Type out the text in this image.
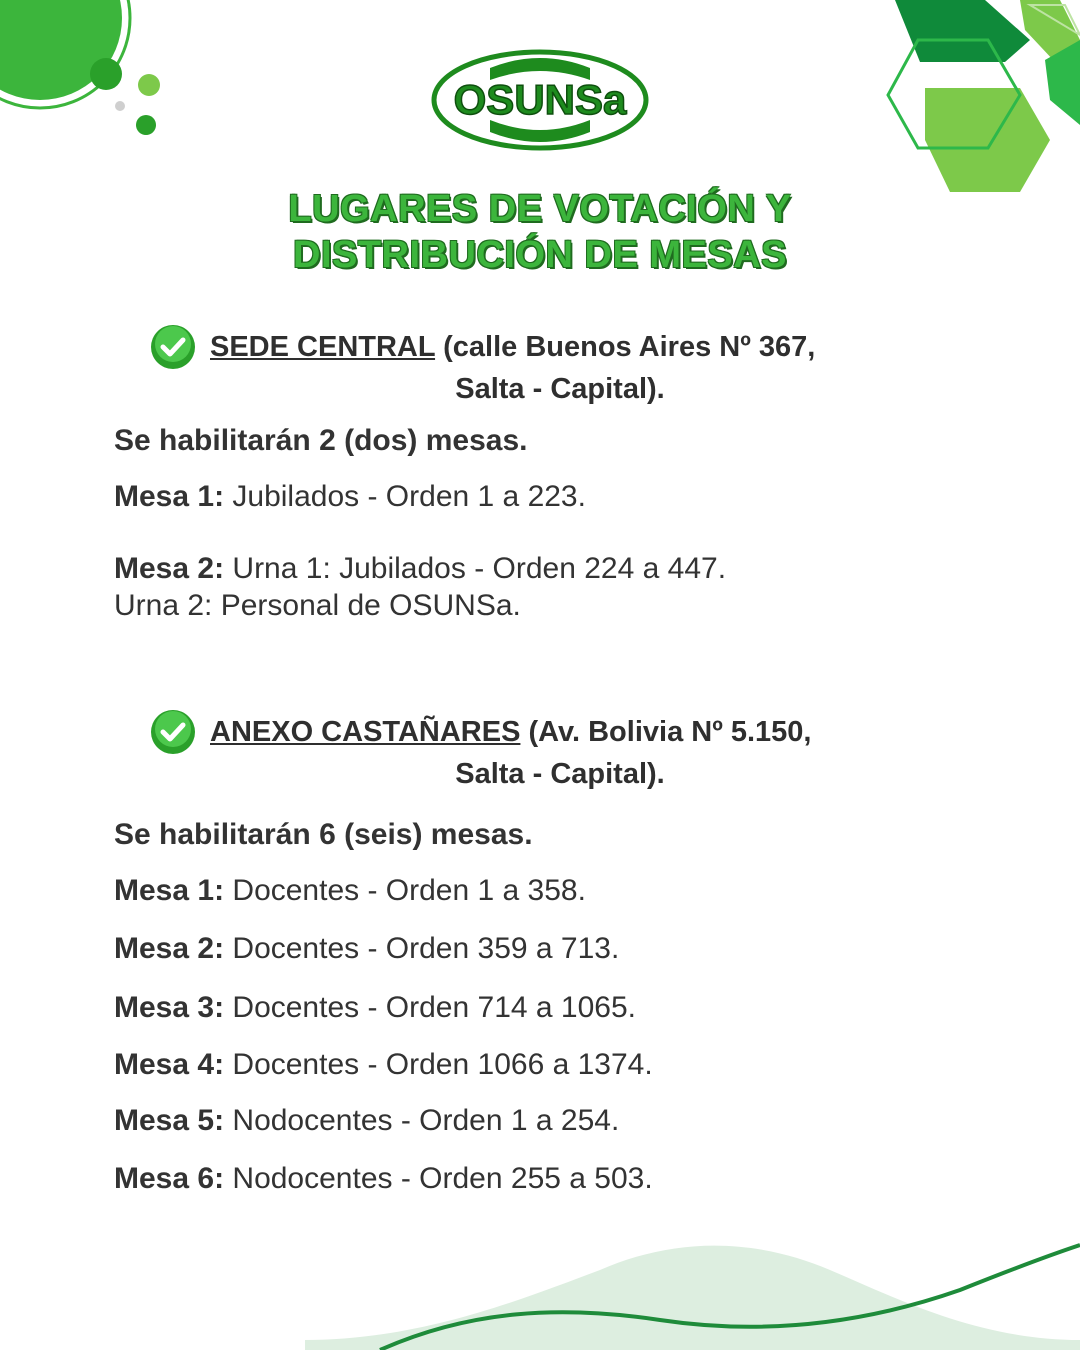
OSUNSa
LUGARES DE VOTACIÓN Y
DISTRIBUCIÓN DE MESAS
SEDE CENTRAL (calle Buenos Aires Nº 367,
Salta - Capital).
Se habilitarán 2 (dos) mesas.
Mesa 1: Jubilados - Orden 1 a 223.
Mesa 2: Urna 1: Jubilados - Orden 224 a 447.
Urna 2: Personal de OSUNSa.
ANEXO CASTAÑARES (Av. Bolivia Nº 5.150,
Salta - Capital).
Se habilitarán 6 (seis) mesas.
Mesa 1: Docentes - Orden 1 a 358.
Mesa 2: Docentes - Orden 359 a 713.
Mesa 3: Docentes - Orden 714 a 1065.
Mesa 4: Docentes - Orden 1066 a 1374.
Mesa 5: Nodocentes - Orden 1 a 254.
Mesa 6: Nodocentes - Orden 255 a 503.
